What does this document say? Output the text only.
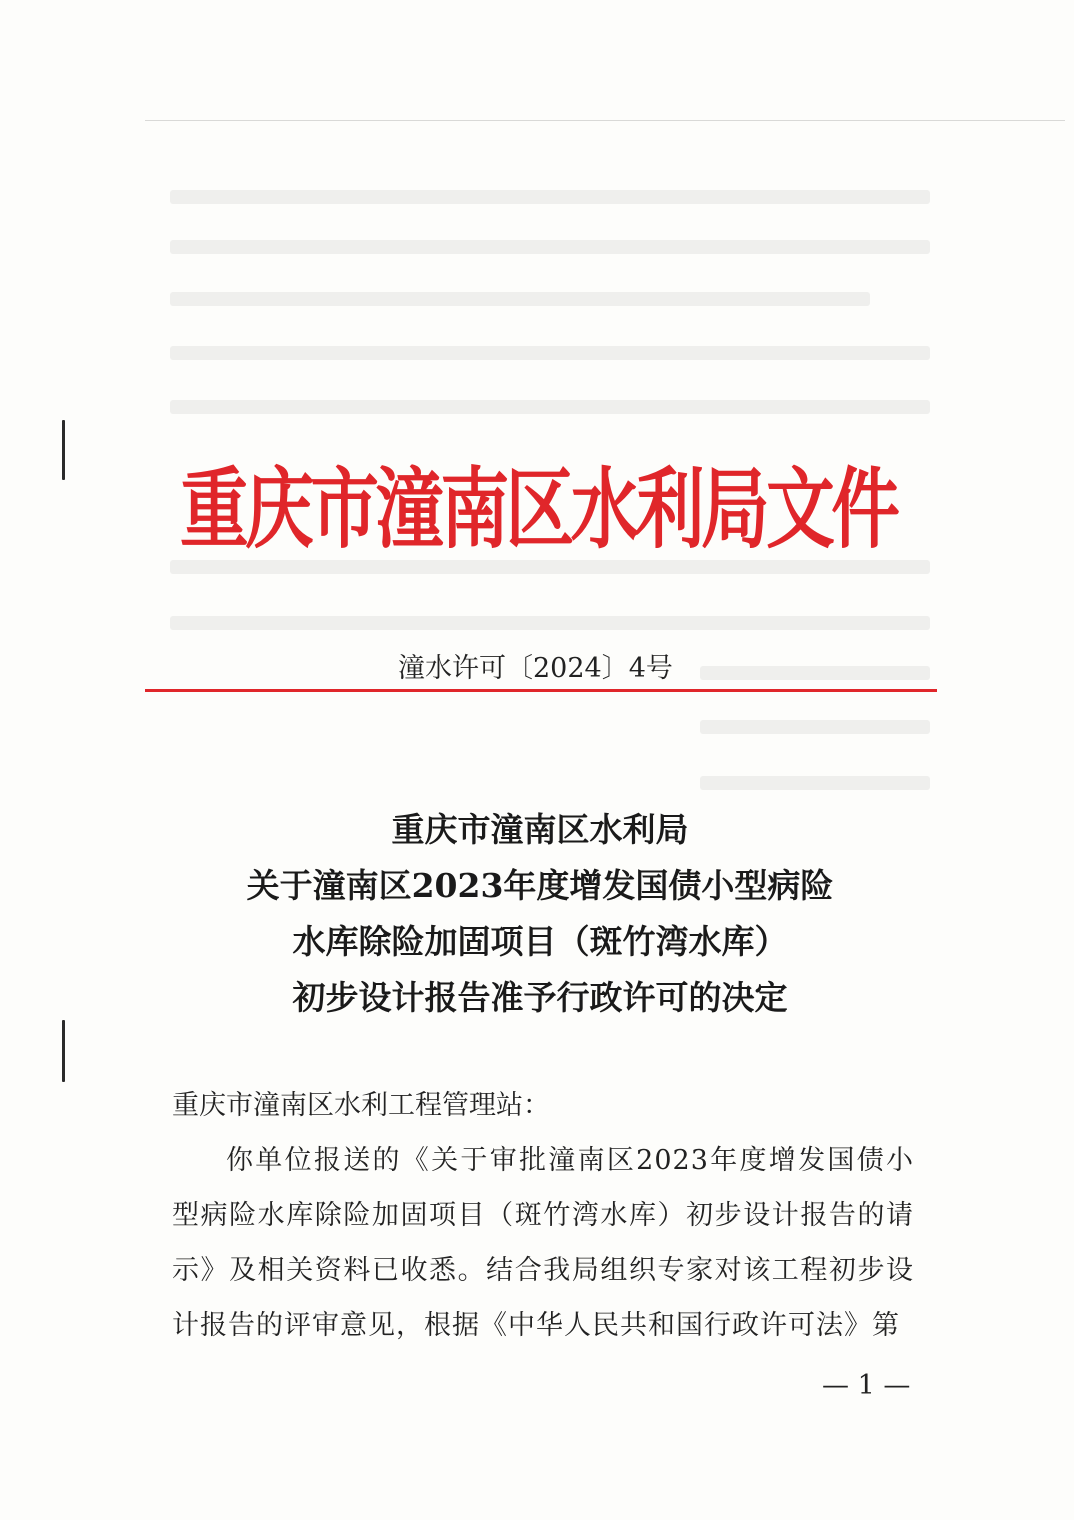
重庆市潼南区水利局文件
潼水许可〔2024〕4号
重庆市潼南区水利局
关于潼南区2023年度增发国债小型病险
水库除险加固项目（斑竹湾水库）
初步设计报告准予行政许可的决定
重庆市潼南区水利工程管理站：

你单位报送的《关于审批潼南区2023年度增发国债小型病险水库除险加固项目（斑竹湾水库）初步设计报告的请示》及相关资料已收悉。结合我局组织专家对该工程初步设计报告的评审意见，根据《中华人民共和国行政许可法》第

— 1 —
